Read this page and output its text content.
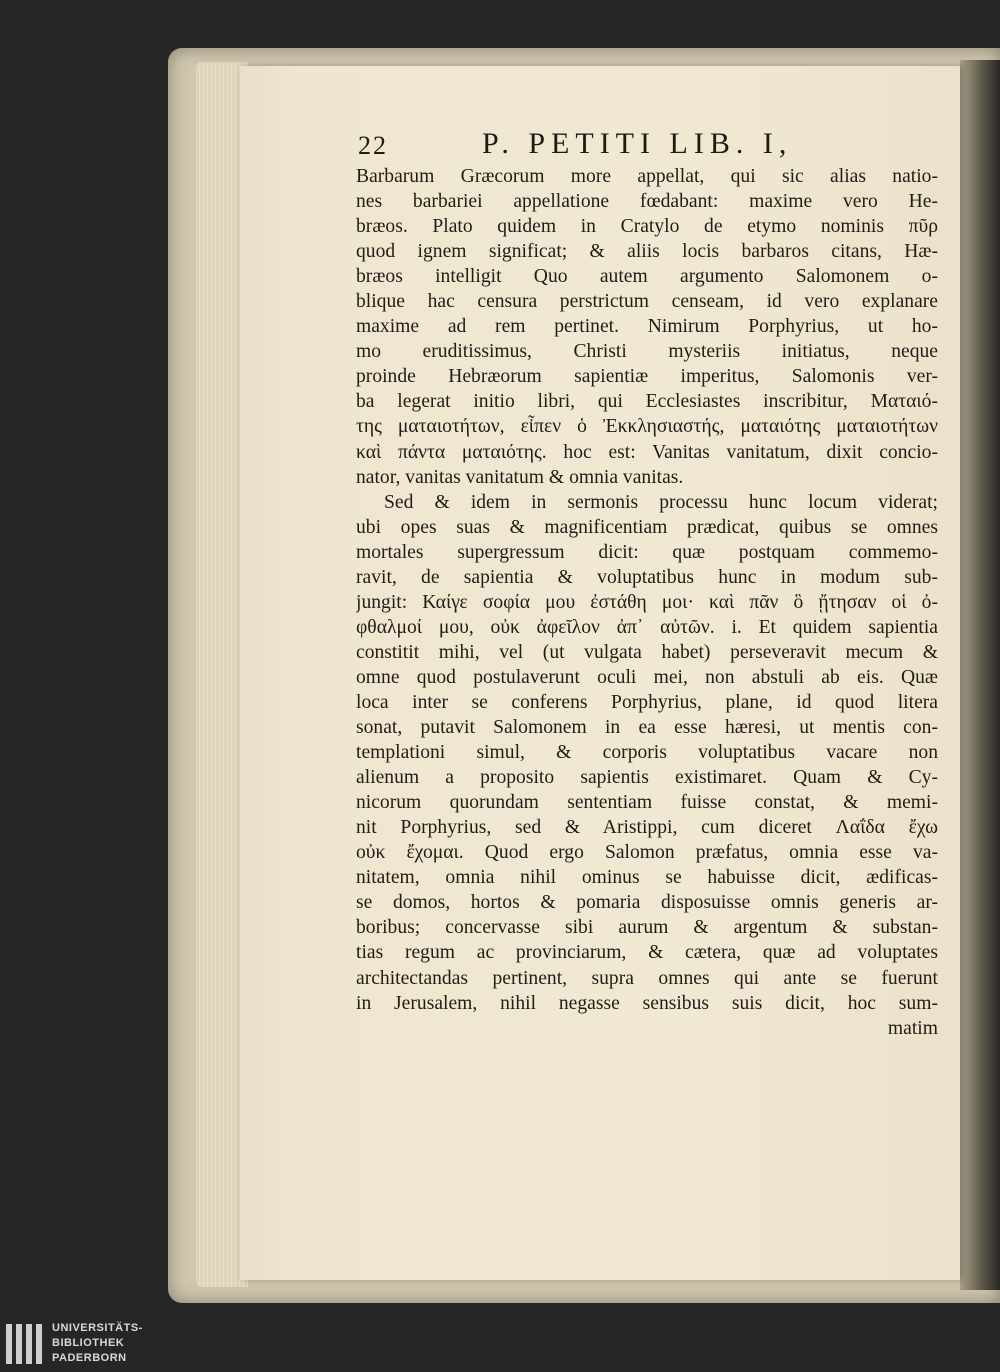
22	P. PETITI LIB. I,
Barbarum Græcorum more appellat, qui sic alias natio-
nes barbariei appellatione fœdabant: maxime vero He-
bræos. Plato quidem in Cratylo de etymo nominis πῦρ
quod ignem significat; & aliis locis barbaros citans, Hæ-
bræos intelligit Quo autem argumento Salomonem o-
blique hac censura perstrictum censeam, id vero explanare
maxime ad rem pertinet. Nimirum Porphyrius, ut ho-
mo eruditissimus, Christi mysteriis initiatus, neque
proinde Hebræorum sapientiæ imperitus, Salomonis ver-
ba legerat initio libri, qui Ecclesiastes inscribitur, Ματαιό-
της ματαιοτήτων, εἶπεν ὁ Ἐκκλησιαστής, ματαιότης ματαιοτήτων
καὶ πάντα ματαιότης. hoc est: Vanitas vanitatum, dixit concio-
nator, vanitas vanitatum & omnia vanitas.
Sed & idem in sermonis processu hunc locum viderat;
ubi opes suas & magnificentiam prædicat, quibus se omnes
mortales supergressum dicit: quæ postquam commemo-
ravit, de sapientia & voluptatibus hunc in modum sub-
jungit: Καίγε σοφία μου ἐστάθη μοι· καὶ πᾶν ὃ ᾔτησαν οἱ ὀ-
φθαλμοί μου, οὐκ ἀφεῖλον ἀπ᾽ αὐτῶν. i. Et quidem sapientia
constitit mihi, vel (ut vulgata habet) perseveravit mecum &
omne quod postulaverunt oculi mei, non abstuli ab eis. Quæ
loca inter se conferens Porphyrius, plane, id quod litera
sonat, putavit Salomonem in ea esse hæresi, ut mentis con-
templationi simul, & corporis voluptatibus vacare non
alienum a proposito sapientis existimaret. Quam & Cy-
nicorum quorundam sententiam fuisse constat, & memi-
nit Porphyrius, sed & Aristippi, cum diceret Λαΐδα ἔχω
οὐκ ἔχομαι. Quod ergo Salomon præfatus, omnia esse va-
nitatem, omnia nihil ominus se habuisse dicit, ædificas-
se domos, hortos & pomaria disposuisse omnis generis ar-
boribus; concervasse sibi aurum & argentum & substan-
tias regum ac provinciarum, & cætera, quæ ad voluptates
architectandas pertinent, supra omnes qui ante se fuerunt
in Jerusalem, nihil negasse sensibus suis dicit, hoc sum-
matim
UNIVERSITÄTS-
BIBLIOTHEK
PADERBORN
